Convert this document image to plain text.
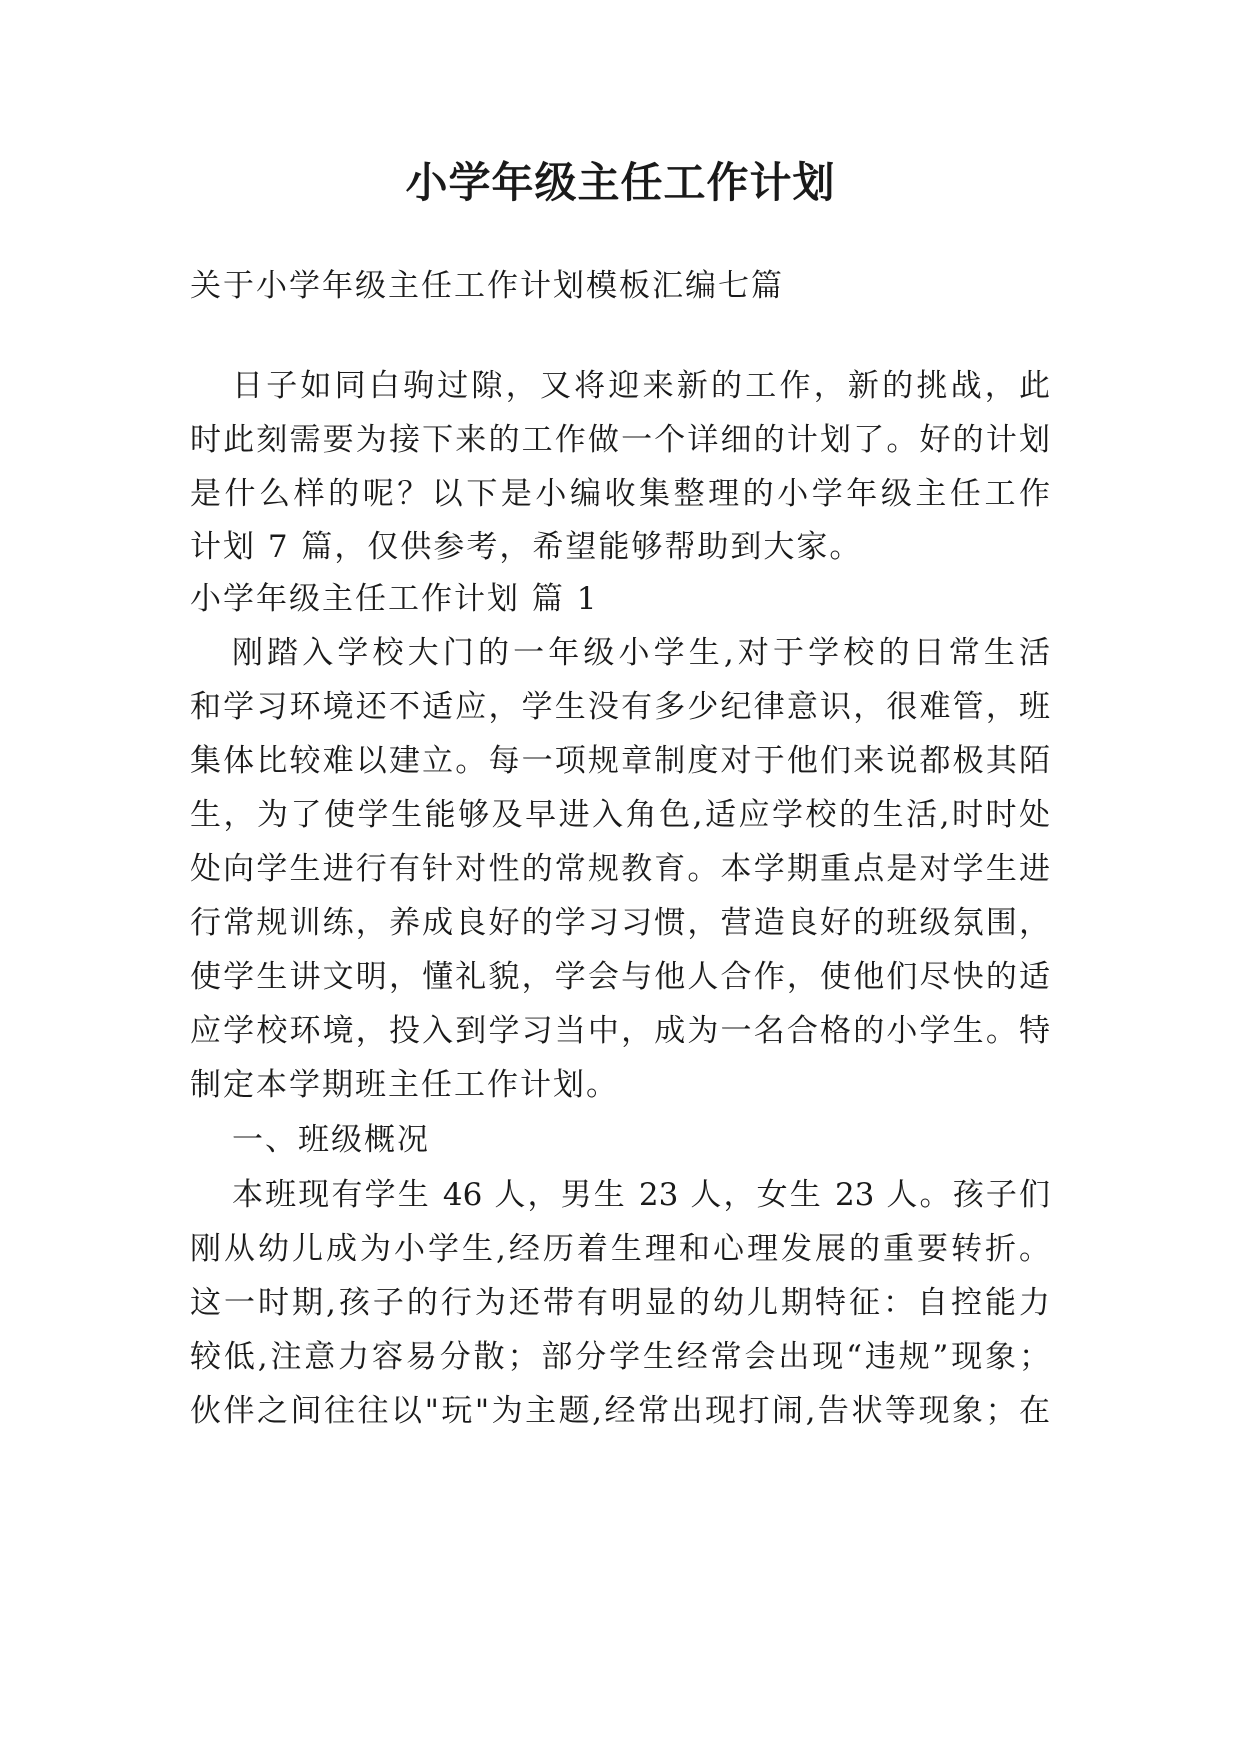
小学年级主任工作计划
关于小学年级主任工作计划模板汇编七篇
日子如同白驹过隙，又将迎来新的工作，新的挑战，此
时此刻需要为接下来的工作做一个详细的计划了。好的计划
是什么样的呢？以下是小编收集整理的小学年级主任工作
计划 7 篇，仅供参考，希望能够帮助到大家。
小学年级主任工作计划 篇 1
刚踏入学校大门的一年级小学生,对于学校的日常生活
和学习环境还不适应，学生没有多少纪律意识，很难管，班
集体比较难以建立。每一项规章制度对于他们来说都极其陌
生，为了使学生能够及早进入角色,适应学校的生活,时时处
处向学生进行有针对性的常规教育。本学期重点是对学生进
行常规训练，养成良好的学习习惯，营造良好的班级氛围，
使学生讲文明，懂礼貌，学会与他人合作，使他们尽快的适
应学校环境，投入到学习当中，成为一名合格的小学生。特
制定本学期班主任工作计划。
一、班级概况
本班现有学生 46 人，男生 23 人，女生 23 人。孩子们
刚从幼儿成为小学生,经历着生理和心理发展的重要转折。
这一时期,孩子的行为还带有明显的幼儿期特征：自控能力
较低,注意力容易分散；部分学生经常会出现“违规”现象；
伙伴之间往往以"玩"为主题,经常出现打闹,告状等现象；在
